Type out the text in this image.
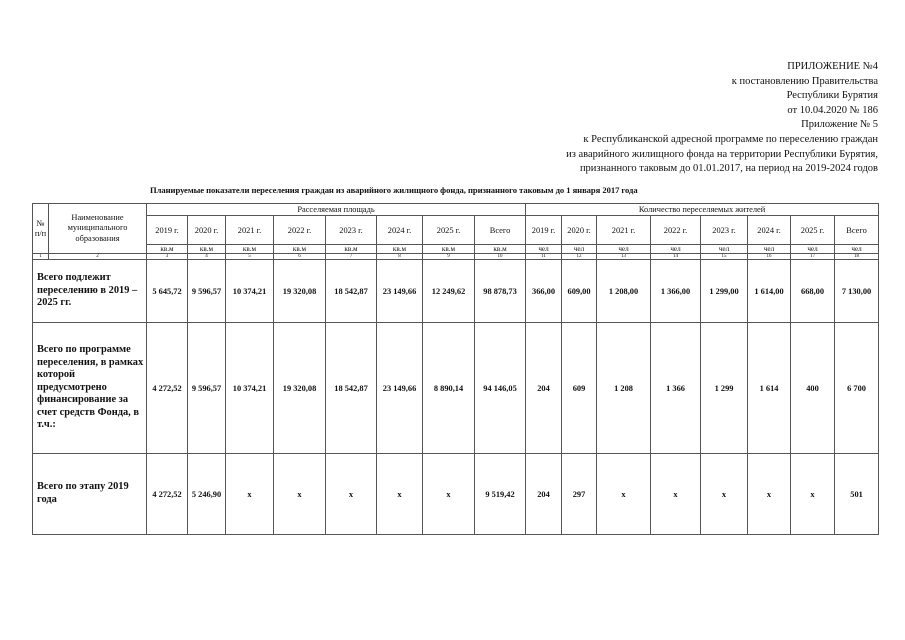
ПРИЛОЖЕНИЕ №4
к постановлению Правительства
Республики Бурятия
от 10.04.2020 № 186
Приложение № 5
к Республиканской адресной программе по переселению граждан
из аварийного жилищного фонда на территории Республики Бурятия,
признанного таковым до 01.01.2017, на период на 2019-2024 годов
Планируемые показатели переселения граждан из аварийного жилищного фонда, признанного таковым до 1 января 2017 года
№ п/п	Наименование муниципального образования	Расселяемая площадь								Количество переселяемых жителей							
		2019 г.	2020 г.	2021 г.	2022 г.	2023 г.	2024 г.	2025 г.	Всего	2019 г.	2020 г.	2021 г.	2022 г.	2023 г.	2024 г.	2025 г.	Всего
		кв.м	кв.м	кв.м	кв.м	кв.м	кв.м	кв.м	кв.м	чел	чел	чел	чел	чел	чел	чел	чел
1	2	3	4	5	6	7	8	9	10	11	12	13	14	15	16	17	18
Всего подлежит переселению в 2019 – 2025 гг.		5 645,72	9 596,57	10 374,21	19 320,08	18 542,87	23 149,66	12 249,62	98 878,73	366,00	609,00	1 208,00	1 366,00	1 299,00	1 614,00	668,00	7 130,00
Всего по программе переселения, в рамках которой предусмотрено финансирование за счет средств Фонда, в т.ч.:		4 272,52	9 596,57	10 374,21	19 320,08	18 542,87	23 149,66	8 890,14	94 146,05	204	609	1 208	1 366	1 299	1 614	400	6 700
Всего по этапу 2019 года		4 272,52	5 246,90	x	x	x	x	x	9 519,42	204	297	x	x	x	x	x	501
